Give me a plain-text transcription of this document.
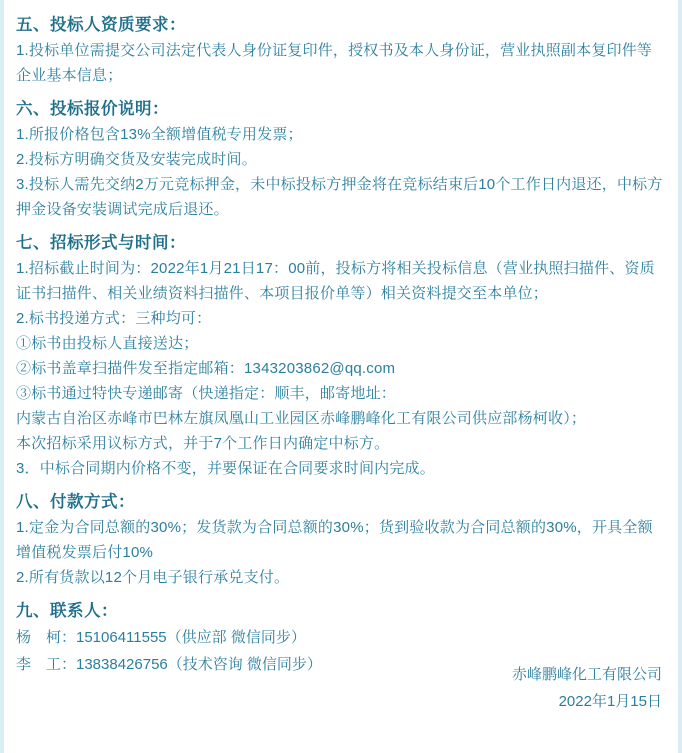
五、投标人资质要求：

1.投标单位需提交公司法定代表人身份证复印件，授权书及本人身份证，营业执照副本复印件等企业基本信息；

六、投标报价说明：

1.所报价格包含13%全额增值税专用发票；

2.投标方明确交货及安装完成时间。

3.投标人需先交纳2万元竞标押金，未中标投标方押金将在竞标结束后10个工作日内退还，中标方押金设备安装调试完成后退还。

七、招标形式与时间：

1.招标截止时间为：2022年1月21日17：00前，投标方将相关投标信息（营业执照扫描件、资质证书扫描件、相关业绩资料扫描件、本项目报价单等）相关资料提交至本单位；

2.标书投递方式：三种均可：

①标书由投标人直接送达；

②标书盖章扫描件发至指定邮箱：1343203862@qq.com

③标书通过特快专递邮寄（快递指定：顺丰，邮寄地址：

内蒙古自治区赤峰市巴林左旗凤凰山工业园区赤峰鹏峰化工有限公司供应部杨柯收）；

本次招标采用议标方式，并于7个工作日内确定中标方。

3．中标合同期内价格不变，并要保证在合同要求时间内完成。

八、付款方式：

1.定金为合同总额的30%；发货款为合同总额的30%；货到验收款为合同总额的30%，开具全额增值税发票后付10%

2.所有货款以12个月电子银行承兑支付。

九、联系人：
杨　柯：15106411555（供应部 微信同步）
李　工：13838426756（技术咨询 微信同步）
赤峰鹏峰化工有限公司
2022年1月15日
